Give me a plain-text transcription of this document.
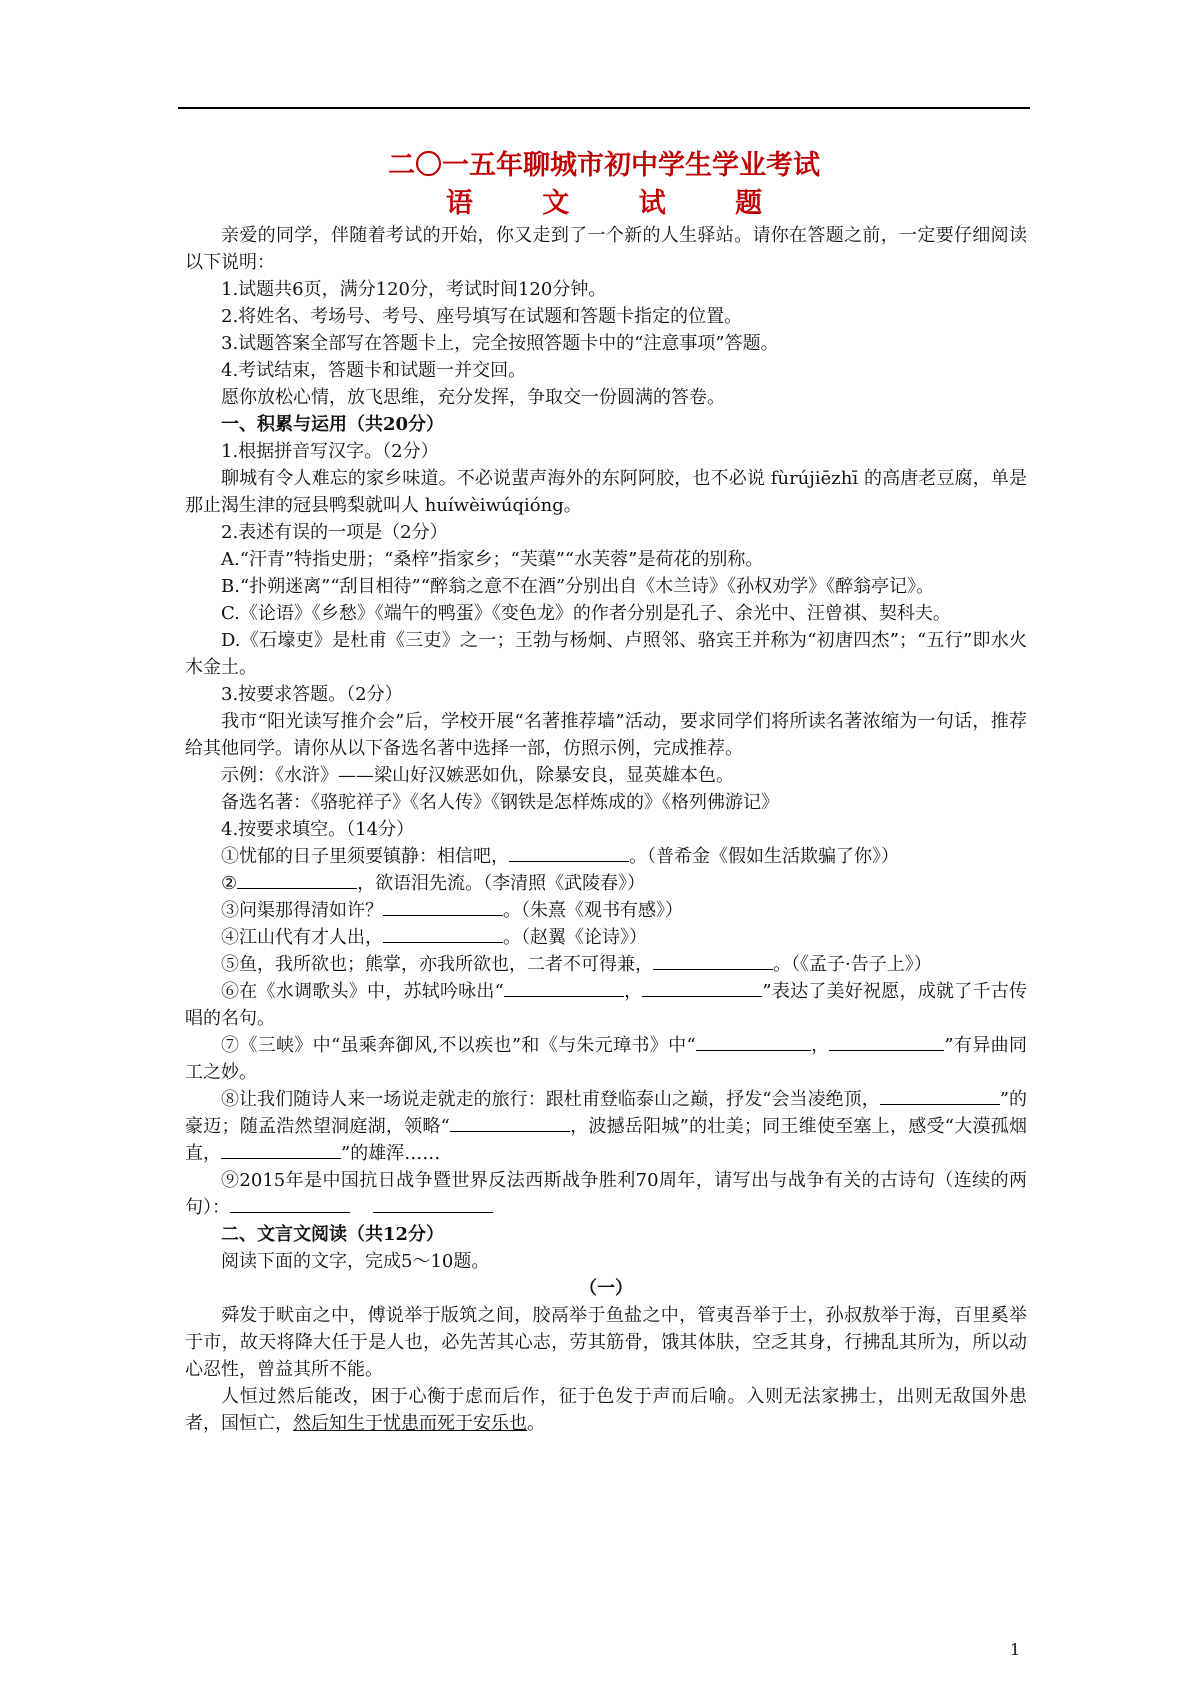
二〇一五年聊城市初中学生学业考试
语 文 试 题

亲爱的同学，伴随着考试的开始，你又走到了一个新的人生驿站。请你在答题之前，一定要仔细阅读以下说明：

1.试题共6页，满分120分，考试时间120分钟。

2.将姓名、考场号、考号、座号填写在试题和答题卡指定的位置。

3.试题答案全部写在答题卡上，完全按照答题卡中的“注意事项”答题。

4.考试结束，答题卡和试题一并交回。

愿你放松心情，放飞思维，充分发挥，争取交一份圆满的答卷。

一、积累与运用（共20分）

1.根据拼音写汉字。（2分）

聊城有令人难忘的家乡味道。不必说蜚声海外的东阿阿胶，也不必说 fùrújiēzhī 的高唐老豆腐，单是那止渴生津的冠县鸭梨就叫人 huíwèiwúqióng。

2.表述有误的一项是（2分）

A.“汗青”特指史册；“桑梓”指家乡；“芙蕖”“水芙蓉”是荷花的别称。

B.“扑朔迷离”“刮目相待”“醉翁之意不在酒”分别出自《木兰诗》《孙权劝学》《醉翁亭记》。

C.《论语》《乡愁》《端午的鸭蛋》《变色龙》的作者分别是孔子、余光中、汪曾祺、契科夫。

D.《石壕吏》是杜甫《三吏》之一；王勃与杨炯、卢照邻、骆宾王并称为“初唐四杰”；“五行”即水火木金土。

3.按要求答题。（2分）

我市“阳光读写推介会”后，学校开展“名著推荐墙”活动，要求同学们将所读名著浓缩为一句话，推荐给其他同学。请你从以下备选名著中选择一部，仿照示例，完成推荐。

示例：《水浒》——梁山好汉嫉恶如仇，除暴安良，显英雄本色。

备选名著：《骆驼祥子》《名人传》《钢铁是怎样炼成的》《格列佛游记》

4.按要求填空。（14分）

①忧郁的日子里须要镇静：相信吧，	。（普希金《假如生活欺骗了你》）

②	，欲语泪先流。（李清照《武陵春》）

③问渠那得清如许？	。（朱熹《观书有感》）

④江山代有才人出，	。（赵翼《论诗》）

⑤鱼，我所欲也；熊掌，亦我所欲也，二者不可得兼，	。（《孟子·告子上》）

⑥在《水调歌头》中，苏轼吟咏出“	，	”表达了美好祝愿，成就了千古传唱的名句。

⑦《三峡》中“虽乘奔御风,不以疾也”和《与朱元璋书》中“	，	”有异曲同工之妙。

⑧让我们随诗人来一场说走就走的旅行：跟杜甫登临泰山之巅，抒发“会当凌绝顶，	”的豪迈；随孟浩然望洞庭湖，领略“	，波撼岳阳城”的壮美；同王维使至塞上，感受“大漠孤烟直，	”的雄浑……

⑨2015年是中国抗日战争暨世界反法西斯战争胜利70周年，请写出与战争有关的古诗句（连续的两句）：

二、文言文阅读（共12分）

阅读下面的文字，完成5～10题。

（一）

舜发于畎亩之中，傅说举于版筑之间，胶鬲举于鱼盐之中，管夷吾举于士，孙叔敖举于海，百里奚举于市，故天将降大任于是人也，必先苦其心志，劳其筋骨，饿其体肤，空乏其身，行拂乱其所为，所以动心忍性，曾益其所不能。

人恒过然后能改，困于心衡于虑而后作，征于色发于声而后喻。入则无法家拂士，出则无敌国外患者，国恒亡，然后知生于忧患而死于安乐也。

1
